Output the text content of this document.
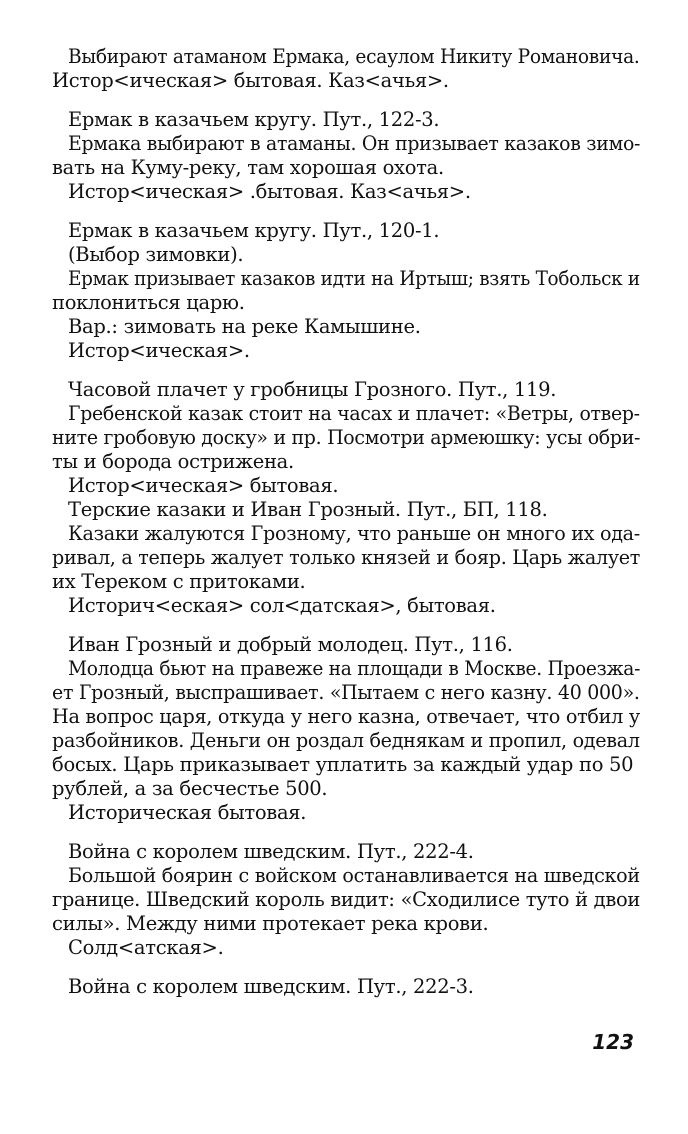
Выбирают атаманом Ермака, есаулом Никиту Романовича.
Истор<ическая> бытовая. Каз<ачья>.
Ермак в казачьем кругу. Пут., 122-3.
Ермака выбирают в атаманы. Он призывает казаков зимо-
вать на Куму-реку, там хорошая охота.
Истор<ическая> .бытовая. Каз<ачья>.
Ермак в казачьем кругу. Пут., 120-1.
(Выбор зимовки).
Ермак призывает казаков идти на Иртыш; взять Тобольск и
поклониться царю.
Вар.: зимовать на реке Камышине.
Истор<ическая>.
Часовой плачет у гробницы Грозного. Пут., 119.
Гребенской казак стоит на часах и плачет: «Ветры, отвер-
ните гробовую доску» и пр. Посмотри армеюшку: усы обри-
ты и борода острижена.
Истор<ическая> бытовая.
Терские казаки и Иван Грозный. Пут., БП, 118.
Казаки жалуются Грозному, что раньше он много их ода-
ривал, а теперь жалует только князей и бояр. Царь жалует
их Тереком с притоками.
Историч<еская> сол<датская>, бытовая.
Иван Грозный и добрый молодец. Пут., 116.
Молодца бьют на правеже на площади в Москве. Проезжа-
ет Грозный, выспрашивает. «Пытаем с него казну. 40 000».
На вопрос царя, откуда у него казна, отвечает, что отбил у
разбойников. Деньги он роздал беднякам и пропил, одевал
босых. Царь приказывает уплатить за каждый удар по 50
рублей, а за бесчестье 500.
Историческая бытовая.
Война с королем шведским. Пут., 222-4.
Большой боярин с войском останавливается на шведской
границе. Шведский король видит: «Сходилисе туто й двои
силы». Между ними протекает река крови.
Солд<атская>.
Война с королем шведским. Пут., 222-3.
123
